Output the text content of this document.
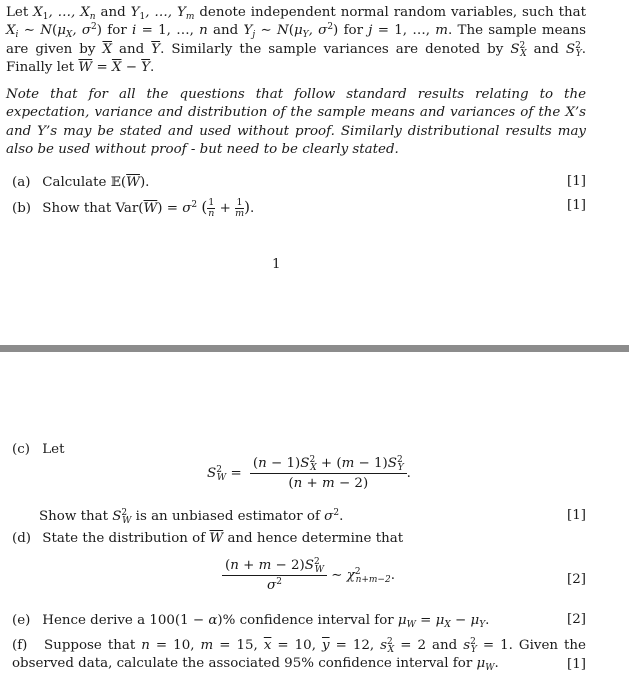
Let $X_1$, …, $X_n$ and $Y_1$, …, $Y_m$ denote independent normal random variables, such that $X_i$ ∼ $N(\mu_X$, $\sigma^2$) for i = 1, …, n and $Y_j$ ∼ $N(\mu_Y$, $\sigma^2$) for j = 1, …, m. The sample means are given by $\overline{X}$ and $\overline{Y}$. Similarly the sample variances are denoted by $S^2_X$ and $S^2_Y$. Finally let $\overline{W} = \overline{X} - \overline{Y}$.
Note that for all the questions that follow standard results relating to the expectation, variance and distribution of the sample means and variances of the X’s and Y’s may be stated and used without proof. Similarly distributional results may also be used without proof - but need to be clearly stated.
(a) Calculate $𝔼(\overline{W})$.	[1]
(b) Show that $Var(\overline{W}) = \sigma^2$ ( $\frac{1}{n} + \frac{1}{m}$ ).	[1]
1
(c) Let
$S^2_W = \frac{(n - 1)S^2_X + (m - 1)S^2_Y}{(n + m - 2)}$ .
Show that $S^2_W$ is an unbiased estimator of $\sigma^2$.	[1]
(d) State the distribution of $\overline{W}$ and hence determine that
$\frac{(n + m - 2)S^2_W}{\sigma^2}$ ∼ $\chi^2_{n+m-2}$.	[2]
(e) Hence derive a 100(1 − α)% confidence interval for $\mu_W = \mu_X - \mu_Y$.	[2]
(f) Suppose that n = 10, m = 15, $\overline{x} = 10$, $\overline{y} = 12$, $s^2_X = 2$ and $s^2_Y = 1$. Given the observed data, calculate the associated 95% confidence interval for $\mu_W$.	[1]
